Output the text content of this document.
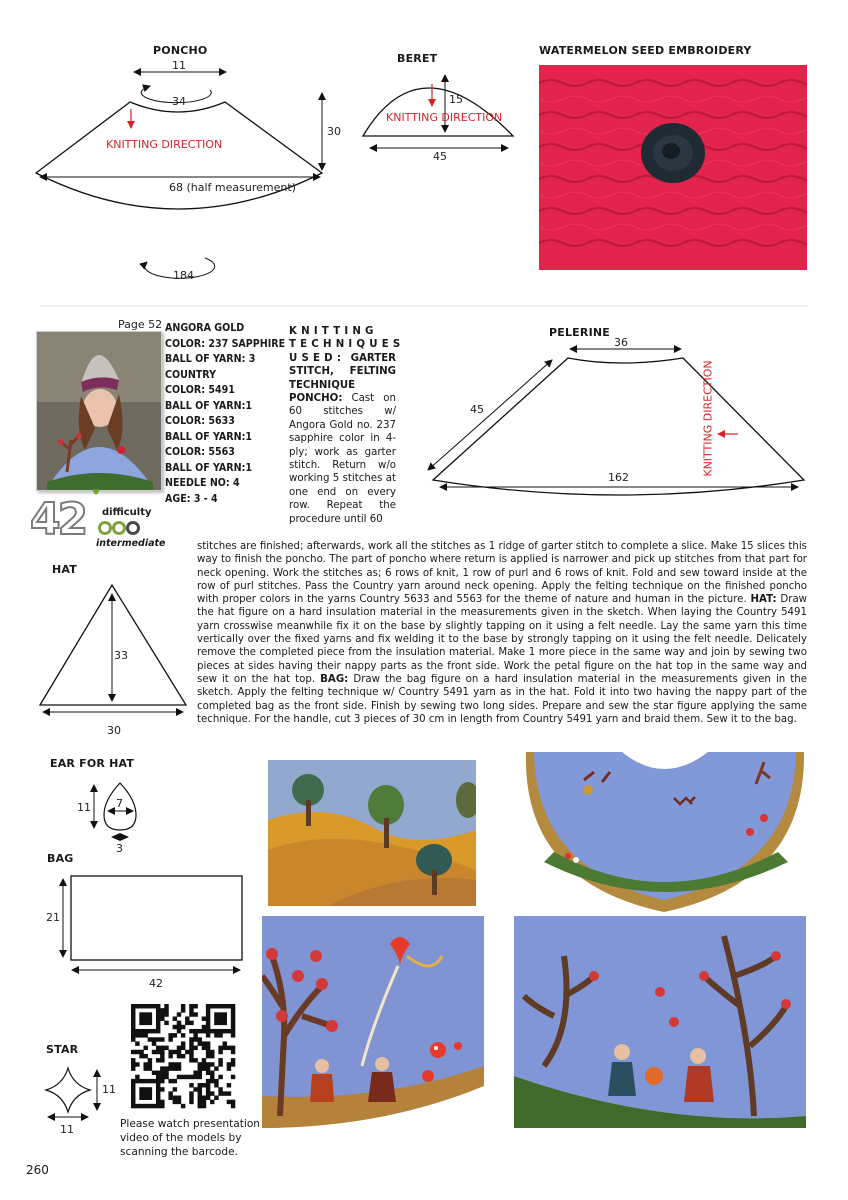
PONCHO
11
34
30
KNITTING DIRECTION
68 (half measurement)
184
BERET
15
KNITTING DIRECTION
45
WATERMELON SEED EMBROIDERY
PELERINE
36
45
162
KNITTING DIRECTION
Page 52
42 difficulty
intermediate
ANGORA GOLD
COLOR: 237 SAPPHIRE
BALL OF YARN: 3
COUNTRY
COLOR: 5491
BALL OF YARN:1
COLOR: 5633
BALL OF YARN:1
COLOR: 5563
BALL OF YARN:1
NEEDLE NO: 4
AGE: 3 - 4
KNITTING TECHNIQUES USED: GARTER STITCH, FELTING TECHNIQUE PONCHO: Cast on 60 stitches w/ Angora Gold no. 237 sapphire color in 4-ply; work as garter stitch. Return w/o working 5 stitches at one end on every row. Repeat the procedure until 60
stitches are finished; afterwards, work all the stitches as 1 ridge of garter stitch to complete a slice. Make 15 slices this way to finish the poncho. The part of poncho where return is applied is narrower and pick up stitches from that part for neck opening. Work the stitches as; 6 rows of knit, 1 row of purl and 6 rows of knit. Fold and sew toward inside at the row of purl stitches. Pass the Country yarn around neck opening. Apply the felting technique on the finished poncho with proper colors in the yarns Country 5633 and 5563 for the theme of nature and human in the picture. HAT: Draw the hat figure on a hard insulation material in the measurements given in the sketch. When laying the Country 5491 yarn crosswise meanwhile fix it on the base by slightly tapping on it using a felt needle. Lay the same yarn this time vertically over the fixed yarns and fix welding it to the base by strongly tapping on it using the felt needle. Delicately remove the completed piece from the insulation material. Make 1 more piece in the same way and join by sewing two pieces at sides having their nappy parts as the front side. Work the petal figure on the hat top in the same way and sew it on the hat top. BAG: Draw the bag figure on a hard insulation material in the measurements given in the sketch. Apply the felting technique w/ Country 5491 yarn as in the hat. Fold it into two having the nappy part of the completed bag as the front side. Finish by sewing two long sides. Prepare and sew the star figure applying the same technique. For the handle, cut 3 pieces of 30 cm in length from Country 5491 yarn and braid them. Sew it to the bag.
HAT
33
30
EAR FOR HAT
11 7
3
BAG
21
42
STAR
11
11	Please watch presentation video of the models by scanning the barcode.
260
